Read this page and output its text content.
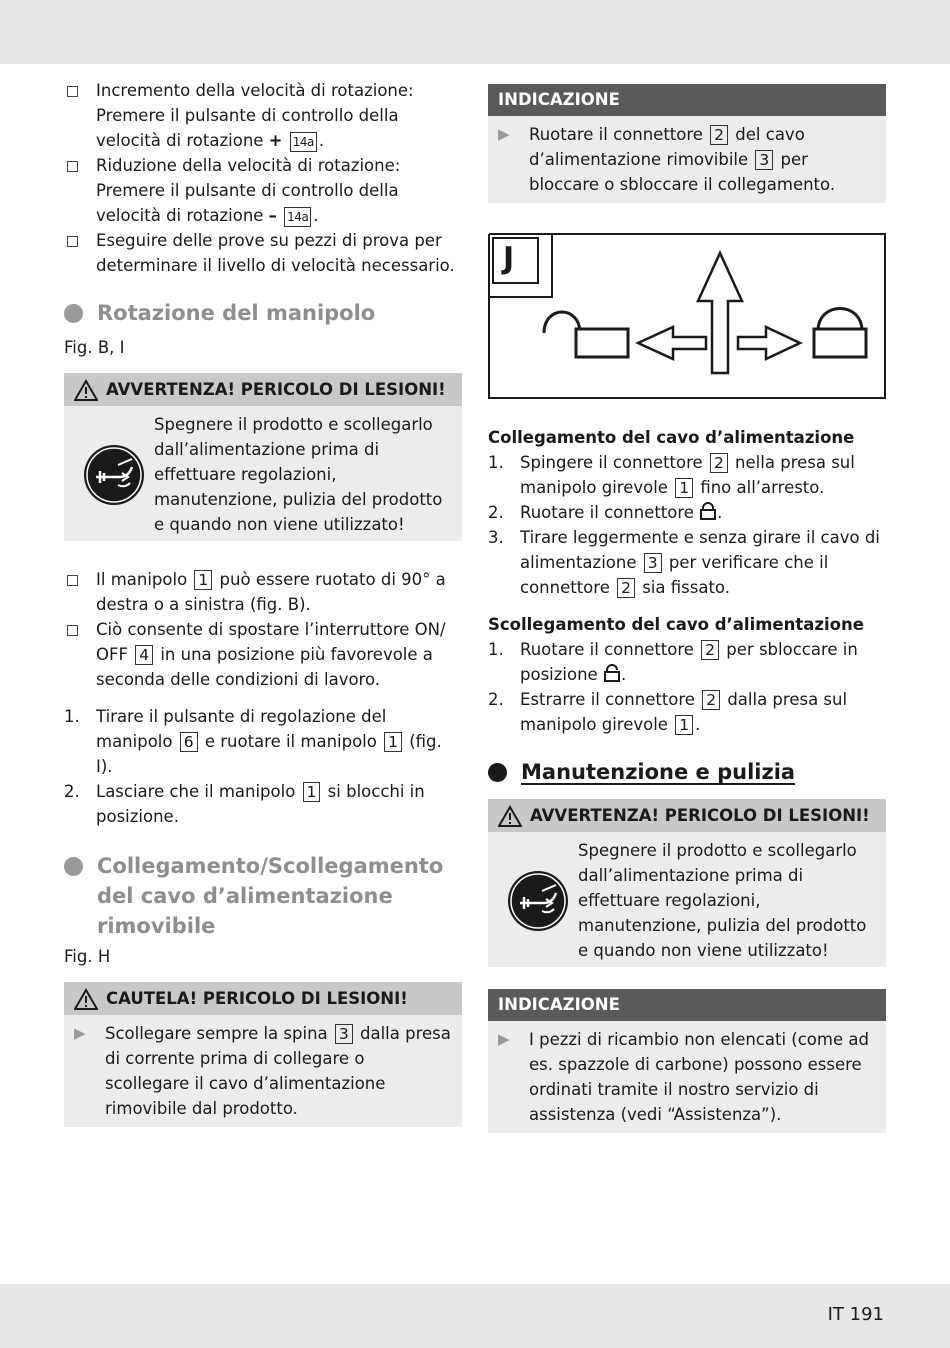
Incremento della velocità di rotazione: Premere il pulsante di controllo della velocità di rotazione + 14a .
Riduzione della velocità di rotazione: Premere il pulsante di controllo della velocità di rotazione – 14a .
Eseguire delle prove su pezzi di prova per determinare il livello di velocità necessario.
Rotazione del manipolo
Fig. B, I
AVVERTENZA! PERICOLO DI LESIONI!

Spegnere il prodotto e scollegarlo dall’alimentazione prima di effettuare regolazioni, manutenzione, pulizia del prodotto e quando non viene utilizzato!

Il manipolo 1 può essere ruotato di 90° a destra o a sinistra (fig. B).
Ciò consente di spostare l’interruttore ON/ OFF 4 in una posizione più favorevole a seconda delle condizioni di lavoro.
1. Tirare il pulsante di regolazione del manipolo 6 e ruotare il manipolo 1 (fig. I).
2. Lasciare che il manipolo 1 si blocchi in posizione.
Collegamento/Scollegamento del cavo d’alimentazione rimovibile
Fig. H
CAUTELA! PERICOLO DI LESIONI!
▶	Scollegare sempre la spina 3 dalla presa di corrente prima di collegare o scollegare il cavo d’alimentazione rimovibile dal prodotto.

INDICAZIONE
▶	Ruotare il connettore 2 del cavo d’alimentazione rimovibile 3 per bloccare o sbloccare il collegamento.

J
Collegamento del cavo d’alimentazione
1. Spingere il connettore 2 nella presa sul manipolo girevole 1 fino all’arresto.
2. Ruotare il connettore .
3. Tirare leggermente e senza girare il cavo di alimentazione 3 per verificare che il connettore 2 sia fissato.
Scollegamento del cavo d’alimentazione
1. Ruotare il connettore 2 per sbloccare in posizione .
2. Estrarre il connettore 2 dalla presa sul manipolo girevole 1 .
Manutenzione e pulizia
AVVERTENZA! PERICOLO DI LESIONI!

Spegnere il prodotto e scollegarlo dall’alimentazione prima di effettuare regolazioni, manutenzione, pulizia del prodotto e quando non viene utilizzato!

INDICAZIONE
▶	I pezzi di ricambio non elencati (come ad es. spazzole di carbone) possono essere ordinati tramite il nostro servizio di assistenza (vedi “Assistenza”).

IT 191
